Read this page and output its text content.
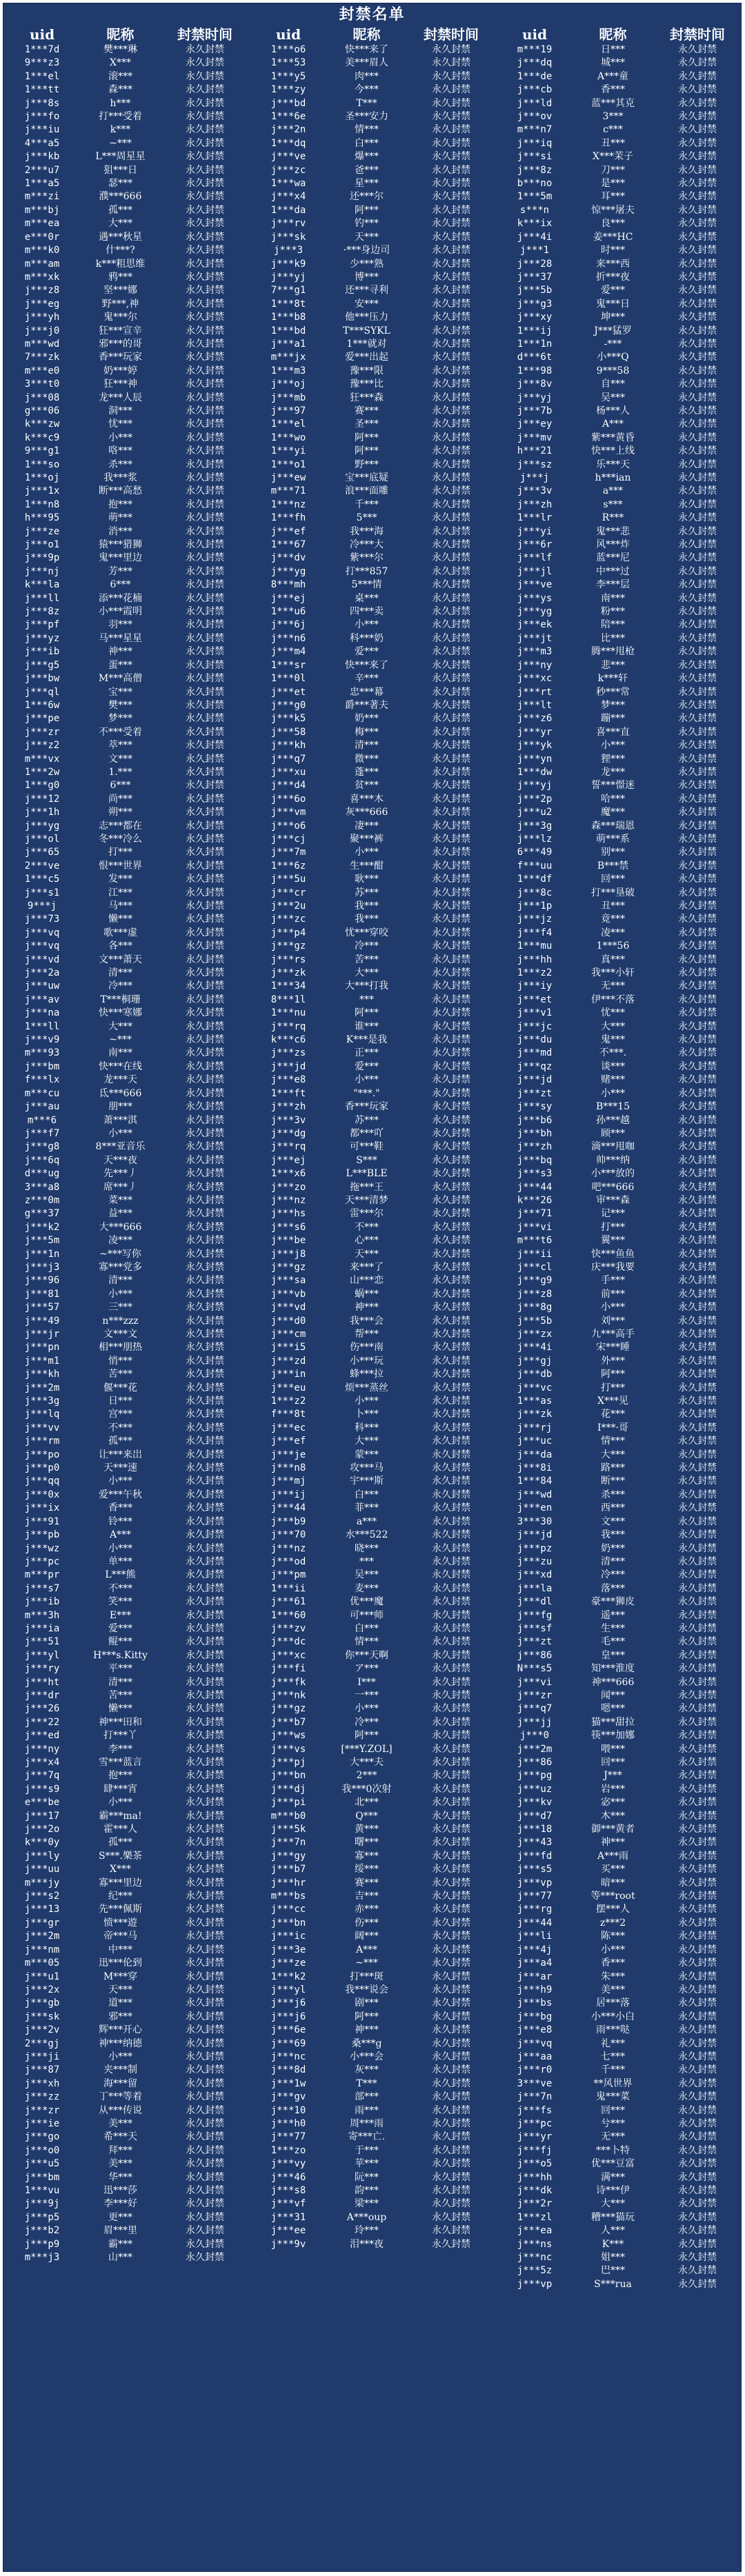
封禁名单
uid	昵称	封禁时间
1***7d	樊***琳	永久封禁
9***z3	X***	永久封禁
1***el	滚***	永久封禁
1***tt	森***	永久封禁
j***8s	h***	永久封禁
j***fo	打***受着	永久封禁
j***iu	k***	永久封禁
4***a5	~***	永久封禁
j***kb	L***周星星	永久封禁
2***u7	狙***日	永久封禁
1***a5	瑟***	永久封禁
m***zi	濮***666	永久封禁
m***bj	孤***	永久封禁
m***ea	大***	永久封禁
e***0r	遇***秋星	永久封禁
m***k0	什***?	永久封禁
m***am	k***粗思维	永久封禁
m***xk	鸦***	永久封禁
j***z8	坚***娜	永久封禁
j***eg	野***,神	永久封禁
j***yh	鬼***尔	永久封禁
j***j0	狂***宣辛	永久封禁
m***wd	邪***的哥	永久封禁
7***zk	香***玩家	永久封禁
m***e0	奶***婷	永久封禁
3***t0	狂***神	永久封禁
j***08	龙***人辰	永久封禁
g***06	洞***	永久封禁
k***zw	忧***	永久封禁
k***c9	小***	永久封禁
9***g1	咯***	永久封禁
1***so	杀***	永久封禁
1***oj	我***浆	永久封禁
j***1x	断***高愁	永久封禁
1***n8	抱***	永久封禁
h***95	萌***	永久封禁
j***ze	消***	永久封禁
j***o1	猿***猎狮	永久封禁
j***9p	鬼***里边	永久封禁
j***nj	芳***	永久封禁
k***la	6***	永久封禁
j***ll	添***花楠	永久封禁
j***8z	小***霞明	永久封禁
j***pf	羽***	永久封禁
j***yz	马***星星	永久封禁
j***ib	神***	永久封禁
j***g5	蛋***	永久封禁
j***bw	M***高僧	永久封禁
j***ql	宝***	永久封禁
1***6w	樊***	永久封禁
j***pe	梦***	永久封禁
j***zr	不***受着	永久封禁
j***z2	萃***	永久封禁
m***vx	文***	永久封禁
1***2w	1.***	永久封禁
1***g0	6***	永久封禁
j***12	尚***	永久封禁
j***1h	朔***	永久封禁
j***yg	志***都在	永久封禁
j***ol	冬***冷么	永久封禁
j***65	打***	永久封禁
2***ve	恨***世界	永久封禁
1***c5	发***	永久封禁
j***s1	江***	永久封禁
9***j	马***	永久封禁
j***73	懒***	永久封禁
j***vq	歌***虚	永久封禁
j***vq	各***	永久封禁
j***vd	文***萧天	永久封禁
j***2a	清***	永久封禁
j***uw	冷***	永久封禁
j***av	T***桐珊	永久封禁
j***na	快***寒娜	永久封禁
1***ll	大***	永久封禁
j***v9	~***	永久封禁
m***93	南***	永久封禁
j***bm	快***在线	永久封禁
f***lx	龙***天	永久封禁
m***cu	氐***666	永久封禁
j***au	朋***	永久封禁
m***6	萧***淇	永久封禁
j***f7	小***	永久封禁
j***g8	8***亚音乐	永久封禁
j***6q	天***夜	永久封禁
d***ug	先***丿	永久封禁
3***a8	席***丿	永久封禁
z***0m	菜***	永久封禁
g***37	益***	永久封禁
j***k2	大***666	永久封禁
j***5m	凌***	永久封禁
j***1n	~***写你	永久封禁
j***j3	寡***党多	永久封禁
j***96	清***	永久封禁
j***81	小***	永久封禁
j***57	三***	永久封禁
j***49	n***zzz	永久封禁
j***jr	文***文	永久封禁
j***pn	相***朋热	永久封禁
j***m1	悄***	永久封禁
j***kh	苦***	永久封禁
j***2m	偃***花	永久封禁
j***3g	日***	永久封禁
j***lq	宫***	永久封禁
j***vv	不***	永久封禁
j***rm	孤***	永久封禁
j***po	让***来岀	永久封禁
j***p0	天***速	永久封禁
j***qq	小***	永久封禁
j***0x	爱***午秋	永久封禁
j***ix	香***	永久封禁
j***91	铃***	永久封禁
j***pb	A***	永久封禁
j***wz	小***	永久封禁
j***pc	单***	永久封禁
m***pr	L***熊	永久封禁
j***s7	不***	永久封禁
j***ib	笑***	永久封禁
m***3h	E***	永久封禁
j***ia	爱***	永久封禁
j***51	鲲***	永久封禁
j***yl	H***s.Kitty	永久封禁
j***ry	平***	永久封禁
j***ht	清***	永久封禁
j***dr	苦***	永久封禁
j***26	懒***	永久封禁
j***22	神***田和	永久封禁
j***ed	打***丫	永久封禁
j***ny	李***	永久封禁
j***x4	雪***蓝言	永久封禁
j***7q	抱***	永久封禁
j***s9	肆***宵	永久封禁
e***be	小***	永久封禁
j***17	霸***ma!	永久封禁
j***2o	霍***人	永久封禁
k***0y	孤***	永久封禁
j***ly	S***.樂茶	永久封禁
j***uu	X***	永久封禁
m***jy	寡***里边	永久封禁
j***s2	纪***	永久封禁
j***13	先***佩斯	永久封禁
j***gr	愤***遊	永久封禁
j***2m	帝***马	永久封禁
j***nm	中***	永久封禁
m***05	迅***伦到	永久封禁
j***u1	M***穿	永久封禁
j***2x	天***	永久封禁
j***gb	道***	永久封禁
j***sk	邪***	永久封禁
j***2v	辉***开心	永久封禁
2***gj	神***纳德	永久封禁
j***ji	小***	永久封禁
j***87	夹***制	永久封禁
j***xh	海***留	永久封禁
j***zz	丁***等着	永久封禁
j***zr	从***传说	永久封禁
j***ie	美***	永久封禁
j***go	希***天	永久封禁
j***o0	拜***	永久封禁
j***u5	美***	永久封禁
j***bm	华***	永久封禁
1***vu	迅***莎	永久封禁
j***9j	李***好	永久封禁
j***p5	更***	永久封禁
j***b2	眉***里	永久封禁
j***p9	霸***	永久封禁
m***j3	山***	永久封禁
uid	昵称	封禁时间
1***o6	快***来了	永久封禁
1***53	美***眉人	永久封禁
1***y5	肉***	永久封禁
1***zy	今***	永久封禁
j***bd	T***	永久封禁
1***6e	圣***安力	永久封禁
j***2n	情***	永久封禁
1***dq	白***	永久封禁
j***ve	爆***	永久封禁
j***zc	爸***	永久封禁
1***wa	星***	永久封禁
j***x4	还***尔	永久封禁
1***da	阿***	永久封禁
j***rv	钓***	永久封禁
j***sk	天***	永久封禁
j***3	·***身边司	永久封禁
j***k9	少***熟	永久封禁
j***yj	博***	永久封禁
7***g1	还***寻利	永久封禁
1***8t	安***	永久封禁
1***b8	他***压力	永久封禁
1***bd	T***SYKL	永久封禁
j***a1	1***就对	永久封禁
m***jx	爱***出起	永久封禁
1***m3	豫***限	永久封禁
j***oj	豫***比	永久封禁
j***mb	狂***森	永久封禁
j***97	赛***	永久封禁
1***el	圣***	永久封禁
1***wo	阿***	永久封禁
1***yi	阿***	永久封禁
1***o1	野***	永久封禁
j***ew	宝***底疑	永久封禁
m***71	浪***面雕	永久封禁
1***nz	千***	永久封禁
1***fh	5***	永久封禁
j***ef	我***海	永久封禁
1***67	冷***大	永久封禁
j***dv	紫***尔	永久封禁
j***yg	打***857	永久封禁
8***mh	5***情	永久封禁
j***ej	桌***	永久封禁
1***u6	四***卖	永久封禁
j***6j	小***	永久封禁
j***n6	科***奶	永久封禁
j***m4	爱***	永久封禁
1***sr	快***来了	永久封禁
1***0l	辛***	永久封禁
j***et	忠***幕	永久封禁
j***g0	爵***著夫	永久封禁
j***k5	奶***	永久封禁
j***58	梅***	永久封禁
j***kh	清***	永久封禁
j***q7	微***	永久封禁
j***xu	蓬***	永久封禁
j***d4	贫***	永久封禁
j***6o	喜***木	永久封禁
j***vm	灰***666	永久封禁
j***o6	凄***	永久封禁
j***cj	聚***裤	永久封禁
j***7m	小***	永久封禁
1***6z	生***酣	永久封禁
j***5u	耿***	永久封禁
j***cr	苏***	永久封禁
j***2u	我***	永久封禁
j***zc	我***	永久封禁
j***p4	忧***穿咬	永久封禁
j***gz	冷***	永久封禁
j***rs	苦***	永久封禁
j***zk	大***	永久封禁
1***34	大***打我	永久封禁
8***1l	***	永久封禁
1***nu	阿***	永久封禁
j***rq	谁***	永久封禁
k***c6	K***是我	永久封禁
j***zs	正***	永久封禁
j***jd	爱***	永久封禁
j***e8	小***	永久封禁
1***ft	"***."	永久封禁
j***zh	香***玩家	永久封禁
j***3v	苏***	永久封禁
j***dg	都***吖	永久封禁
j***rq	可***鞋	永久封禁
j***ej	S***	永久封禁
1***x6	L***BLE	永久封禁
j***zo	拖***王	永久封禁
j***nz	天***清梦	永久封禁
j***hs	雷***尔	永久封禁
j***s6	不***	永久封禁
j***be	心***	永久封禁
j***j8	天***	永久封禁
j***gz	来***了	永久封禁
j***sa	山***恋	永久封禁
j***vb	蜗***	永久封禁
j***vd	神***	永久封禁
j***d0	我***会	永久封禁
j***cm	帮***	永久封禁
j***i5	伤***南	永久封禁
j***zd	小***玩	永久封禁
j***in	蜂***拉	永久封禁
j***eu	烦***蒸丝	永久封禁
1***z2	小***	永久封禁
f***8t	卜***	永久封禁
j***ec	科***	永久封禁
j***ef	大***	永久封禁
j***je	蒙***	永久封禁
j***n8	攻***马	永久封禁
j***mj	宇***斯	永久封禁
j***ij	白***	永久封禁
j***44	菲***	永久封禁
j***b9	a***	永久封禁
j***70	水***522	永久封禁
j***nz	晓***	永久封禁
j***od	***	永久封禁
j***pm	吴***	永久封禁
1***ii	麦***	永久封禁
j***61	优***魔	永久封禁
1***60	可***师	永久封禁
j***zv	白***	永久封禁
j***dc	情***	永久封禁
j***xc	你***天啊	永久封禁
j***fi	ア***	永久封禁
j***fk	I***	永久封禁
j***nk	一***	永久封禁
j***gz	小***	永久封禁
j***b7	冷***	永久封禁
j***ws	阿***	永久封禁
j***vs	[***Y.ZOL]	永久封禁
j***pj	大***夫	永久封禁
j***bn	2***	永久封禁
j***dj	我***0次射	永久封禁
j***pi	北***	永久封禁
m***b0	Q***	永久封禁
j***5k	黄***	永久封禁
j***7n	曙***	永久封禁
j***gy	寡***	永久封禁
j***b7	绥***	永久封禁
j***hr	赛***	永久封禁
m***bs	吉***	永久封禁
j***cc	赤***	永久封禁
j***bn	伤***	永久封禁
j***ic	阔***	永久封禁
j***3e	A***	永久封禁
j***ze	~***	永久封禁
1***k2	打***斑	永久封禁
j***yl	我***说会	永久封禁
j***j6	剧***	永久封禁
j***j6	阿***	永久封禁
j***6e	神***	永久封禁
j***69	桑***g	永久封禁
j***nc	小***会	永久封禁
j***8d	灰***	永久封禁
j***1w	T***	永久封禁
j***gv	部***	永久封禁
j***10	雨***	永久封禁
j***h0	周***雨	永久封禁
j***77	寄***亡.	永久封禁
1***zo	于***	永久封禁
j***vy	苹***	永久封禁
j***46	阮***	永久封禁
j***s8	韵***	永久封禁
j***vf	梁***	永久封禁
j***31	A***oup	永久封禁
j***ee	玲***	永久封禁
j***9v	泪***夜	永久封禁
uid	昵称	封禁时间
m***19	日***	永久封禁
j***dq	城***	永久封禁
1***de	A***童	永久封禁
j***cb	香***	永久封禁
j***ld	蓝***其克	永久封禁
j***ov	3***	永久封禁
m***n7	c***	永久封禁
j***iq	丑***	永久封禁
j***si	X***茉子	永久封禁
j***8z	刀***	永久封禁
b***no	是***	永久封禁
1***5m	耳***	永久封禁
s***n	惊***屠夫	永久封禁
k***ix	良***	永久封禁
j***4i	姜***HC	永久封禁
j***1	时***	永久封禁
j***28	来***西	永久封禁
j***37	折***夜	永久封禁
j***5b	爱***	永久封禁
j***g3	鬼***日	永久封禁
j***xy	坤***	永久封禁
1***ij	J***猛罗	永久封禁
1***1n	-***	永久封禁
d***6t	小***Q	永久封禁
1***98	9***58	永久封禁
j***8v	自***	永久封禁
j***yj	吴***	永久封禁
j***7b	杨***人	永久封禁
j***ey	A***	永久封禁
j***mv	紫***黄昏	永久封禁
h***21	快***上线	永久封禁
j***sz	乐***天	永久封禁
j***j	h***ian	永久封禁
j***3v	a***	永久封禁
j***zh	s***	永久封禁
1***lr	R***	永久封禁
j***yi	鬼***悲	永久封禁
j***6r	风***炸	永久封禁
j***lf	蓝***尼	永久封禁
j***jl	中***过	永久封禁
j***ve	李***层	永久封禁
j***ys	南***	永久封禁
j***yg	粉***	永久封禁
j***ek	陪***	永久封禁
j***jt	比***	永久封禁
j***m3	腾***甩枪	永久封禁
j***ny	悲***	永久封禁
j***xc	k***轩	永久封禁
j***rt	秒***常	永久封禁
j***lt	梦***	永久封禁
j***z6	蹦***	永久封禁
j***yr	喜***直	永久封禁
j***yk	小***	永久封禁
j***yn	狸***	永久封禁
1***dw	龙***	永久封禁
j***yj	誓***憬迷	永久封禁
j***2p	哈***	永久封禁
j***u2	魔***	永久封禁
j***3g	森***瑞恩	永久封禁
j***lz	萌***系	永久封禁
6***49	别***	永久封禁
f***uu	B***禁	永久封禁
1***df	回***	永久封禁
j***8c	打***垦破	永久封禁
j***1p	丑***	永久封禁
j***jz	竟***	永久封禁
j***f4	凌***	永久封禁
1***mu	1***56	永久封禁
j***hh	真***	永久封禁
1***z2	我***小轩	永久封禁
j***iy	无***	永久封禁
j***et	伊***不落	永久封禁
j***v1	忧***	永久封禁
j***jc	大***	永久封禁
j***du	鬼***	永久封禁
j***md	不***.	永久封禁
j***qz	谈***	永久封禁
j***jd	赌***	永久封禁
j***zt	小***	永久封禁
j***sy	B***15	永久封禁
j***b6	孙***越	永久封禁
j***bh	顾***	永久封禁
j***zh	滴***甩咖	永久封禁
j***bq	帅***纳	永久封禁
j***s3	小***放的	永久封禁
j***44	吧***666	永久封禁
k***26	审***森	永久封禁
j***71	记***	永久封禁
j***vi	打***	永久封禁
m***t6	翼***	永久封禁
j***ii	快***鱼鱼	永久封禁
j***cl	庆***我要	永久封禁
j***g9	手***	永久封禁
j***z8	前***	永久封禁
j***8g	小***	永久封禁
j***5b	刘***	永久封禁
j***zx	九***高手	永久封禁
j***4i	宋***睡	永久封禁
j***gj	外***	永久封禁
j***db	阿***	永久封禁
j***vc	打***	永久封禁
1***as	X***见	永久封禁
j***zk	花***	永久封禁
j***rj	I***·哥	永久封禁
j***uc	情***	永久封禁
j***da	大***	永久封禁
j***8i	路***	永久封禁
1***84	断***	永久封禁
j***wd	杀***	永久封禁
j***en	西***	永久封禁
3***30	文***	永久封禁
j***jd	我***	永久封禁
j***pz	奶***	永久封禁
j***zu	清***	永久封禁
j***xd	冷***	永久封禁
j***la	落***	永久封禁
j***dl	豪***狮皮	永久封禁
j***fg	遥***	永久封禁
j***sf	生***	永久封禁
j***zt	毛***	永久封禁
j***86	皇***	永久封禁
N***s5	知***淮度	永久封禁
j***vi	神***666	永久封禁
j***zr	闻***	永久封禁
j***q7	嗯***	永久封禁
j***jj	猫***甜拉	永久封禁
j***0	筷***加娜	永久封禁
j***2m	喂***	永久封禁
j***86	回***	永久封禁
j***pg	J***	永久封禁
j***uz	岩***	永久封禁
j***kv	宓***	永久封禁
j***d7	木***	永久封禁
j***18	御***黄者	永久封禁
j***43	神***	永久封禁
j***fd	A***雨	永久封禁
j***s5	买***	永久封禁
j***vp	暗***	永久封禁
j***77	等***root	永久封禁
j***rg	摆***人	永久封禁
j***44	z***2	永久封禁
j***li	陈***	永久封禁
j***4j	小***	永久封禁
j***a4	香***	永久封禁
j***ar	朱***	永久封禁
j***h9	美***	永久封禁
j***bs	居***落	永久封禁
j***bg	小***小白	永久封禁
j***e8	雨***哒	永久封禁
j***vq	礼***	永久封禁
j***aa	七***	永久封禁
j***r0	千***	永久封禁
3***ve	**风世界	永久封禁
j***7n	鬼***菜	永久封禁
j***fs	回***	永久封禁
j***pc	兮***	永久封禁
j***yr	无***	永久封禁
j***fj	***卜特	永久封禁
j***o5	优***豆富	永久封禁
j***hh	满***	永久封禁
j***dk	诗***伊	永久封禁
j***2r	大***	永久封禁
1***zl	糟***猫玩	永久封禁
j***ea	人***	永久封禁
j***ns	K***	永久封禁
j***nc	姐***	永久封禁
j***5z	巴***	永久封禁
j***vp	S***rua	永久封禁
